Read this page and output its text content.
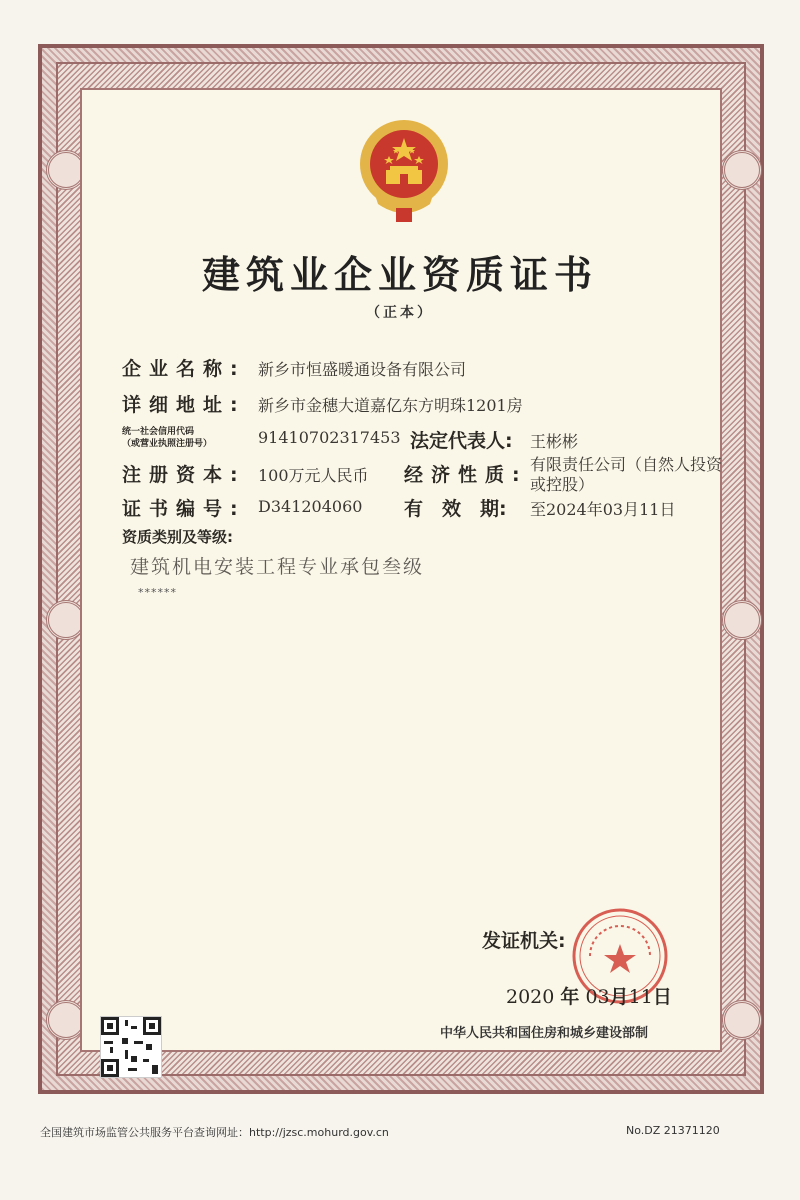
建筑业企业资质证书
（正本）
企业名称: 新乡市恒盛暖通设备有限公司
详细地址: 新乡市金穗大道嘉亿东方明珠1201房
统一社会信用代码
（或营业执照注册号）	91410702317453 法定代表人: 王彬彬
注册资本: 100万元人民币 经济性质: 有限责任公司（自然人投资
或控股）
证书编号: D341204060 有　效　期: 至2024年03月11日
资质类别及等级:
建筑机电安装工程专业承包叁级
******
发证机关:
2020 年 03月11日
中华人民共和国住房和城乡建设部制
全国建筑市场监管公共服务平台查询网址：http://jzsc.mohurd.gov.cn	No.DZ 21371120
